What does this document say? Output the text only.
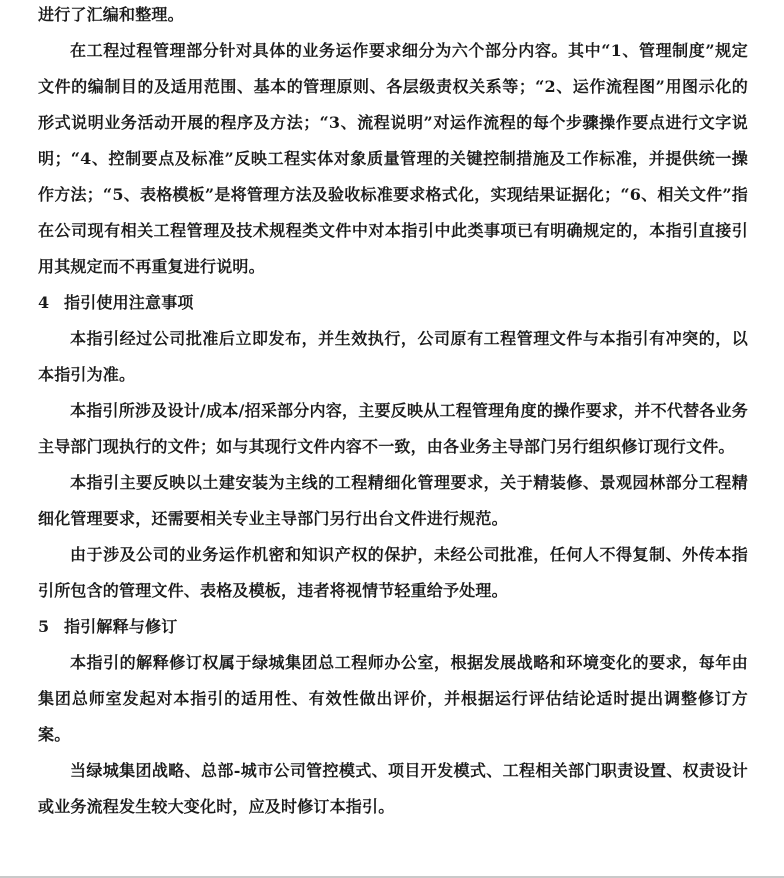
进行了汇编和整理。

在工程过程管理部分针对具体的业务运作要求细分为六个部分内容。其中“1、管理制度”规定文件的编制目的及适用范围、基本的管理原则、各层级责权关系等；“2、运作流程图”用图示化的形式说明业务活动开展的程序及方法；“3、流程说明”对运作流程的每个步骤操作要点进行文字说明；“4、控制要点及标准”反映工程实体对象质量管理的关键控制措施及工作标准，并提供统一操作方法；“5、表格模板”是将管理方法及验收标准要求格式化，实现结果证据化；“6、相关文件”指在公司现有相关工程管理及技术规程类文件中对本指引中此类事项已有明确规定的，本指引直接引用其规定而不再重复进行说明。

4 指引使用注意事项

本指引经过公司批准后立即发布，并生效执行，公司原有工程管理文件与本指引有冲突的，以本指引为准。

本指引所涉及设计/成本/招采部分内容，主要反映从工程管理角度的操作要求，并不代替各业务主导部门现执行的文件；如与其现行文件内容不一致，由各业务主导部门另行组织修订现行文件。

本指引主要反映以土建安装为主线的工程精细化管理要求，关于精装修、景观园林部分工程精细化管理要求，还需要相关专业主导部门另行出台文件进行规范。

由于涉及公司的业务运作机密和知识产权的保护，未经公司批准，任何人不得复制、外传本指引所包含的管理文件、表格及模板，违者将视情节轻重给予处理。

5 指引解释与修订

本指引的解释修订权属于绿城集团总工程师办公室，根据发展战略和环境变化的要求，每年由集团总师室发起对本指引的适用性、有效性做出评价，并根据运行评估结论适时提出调整修订方案。

当绿城集团战略、总部-城市公司管控模式、项目开发模式、工程相关部门职责设置、权责设计或业务流程发生较大变化时，应及时修订本指引。
